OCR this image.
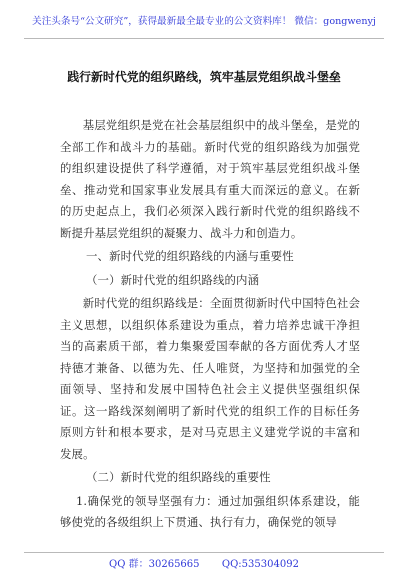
关注头条号“公文研究”，获得最新最全最专业的公文资料库！ 微信：gongwenyj
践行新时代党的组织路线，筑牢基层党组织战斗堡垒

基层党组织是党在社会基层组织中的战斗堡垒，是党的全部工作和战斗力的基础。新时代党的组织路线为加强党的组织建设提供了科学遵循，对于筑牢基层党组织战斗堡垒、推动党和国家事业发展具有重大而深远的意义。在新的历史起点上，我们必须深入践行新时代党的组织路线不断提升基层党组织的凝聚力、战斗力和创造力。

一、新时代党的组织路线的内涵与重要性

（一）新时代党的组织路线的内涵

新时代党的组织路线是：全面贯彻新时代中国特色社会主义思想，以组织体系建设为重点，着力培养忠诚干净担当的高素质干部，着力集聚爱国奉献的各方面优秀人才坚持德才兼备、以德为先、任人唯贤，为坚持和加强党的全面领导、坚持和发展中国特色社会主义提供坚强组织保证。这一路线深刻阐明了新时代党的组织工作的目标任务原则方针和根本要求，是对马克思主义建党学说的丰富和发展。

（二）新时代党的组织路线的重要性

1.确保党的领导坚强有力：通过加强组织体系建设，能够使党的各级组织上下贯通、执行有力，确保党的领导

QQ 群：30265665 QQ:535304092
